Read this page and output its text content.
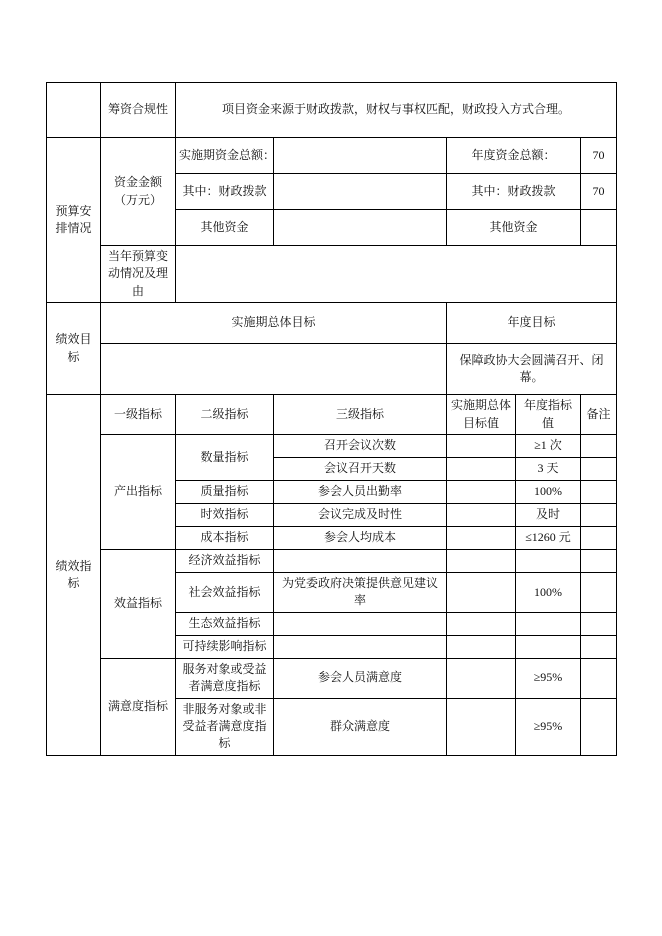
	筹资合规性	项目资金来源于财政拨款，财权与事权匹配，财政投入方式合理。				
预算安排情况	资金金额（万元）	实施期资金总额：		年度资金总额：		70
		其中：财政拨款		其中：财政拨款		70
		其他资金		其他资金		
	当年预算变动情况及理由					
绩效目标	实施期总体目标			年度目标		
				保障政协大会圆满召开、闭幕。		
绩效指标	一级指标	二级指标	三级指标	实施期总体目标值	年度指标值	备注
	产出指标	数量指标	召开会议次数		≥1 次	
			会议召开天数		3 天	
		质量指标	参会人员出勤率		100%	
		时效指标	会议完成及时性		及时	
		成本指标	参会人均成本		≤1260 元	
	效益指标	经济效益指标				
		社会效益指标	为党委政府决策提供意见建议率		100%	
		生态效益指标				
		可持续影响指标				
	满意度指标	服务对象或受益者满意度指标	参会人员满意度		≥95%	
		非服务对象或非受益者满意度指标	群众满意度		≥95%	
